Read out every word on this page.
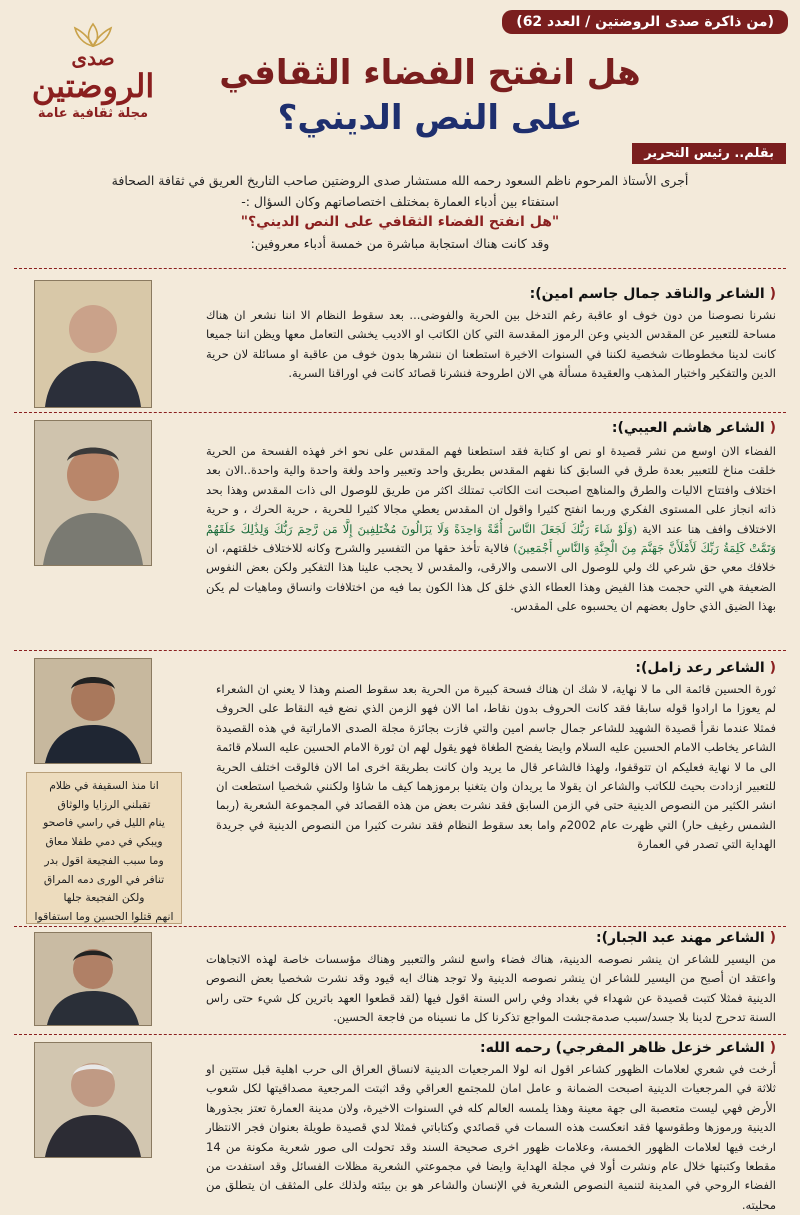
(من ذاكرة صدى الروضتين / العدد 62)
صدى
الروضتين
مجلة ثقافية عامة
هل انفتح الفضاء الثقافي
على النص الديني؟
بقلم.. رئيس التحرير

أجرى الأستاذ المرحوم ناظم السعود رحمه الله مستشار صدى الروضتين صاحب التاريخ العريق في ثقافة الصحافة

استفتاء بين أدباء العمارة بمختلف اختصاصاتهم وكان السؤال :-

"هل انفتح الفضاء الثقافي على النص الديني؟"

وقد كانت هناك استجابة مباشرة من خمسة أدباء معروفين:

( الشاعر والناقد جمال جاسم امين):
نشرنا نصوصنا من دون خوف او عاقبة رغم التدخل بين الحرية والفوضى... بعد سقوط النظام الا اننا نشعر ان هناك مساحة للتعبير عن المقدس الديني وعن الرموز المقدسة التي كان الكاتب او الاديب يخشى التعامل معها ويظن اننا جميعا كانت لدينا مخطوطات شخصية لكننا في السنوات الاخيرة استطعنا ان ننشرها بدون خوف من عاقبة او مسائلة لان حرية الدين والتفكير واختبار المذهب والعقيدة مسألة هي الان اطروحة فنشرنا قصائد كانت في اوراقنا السرية.
( الشاعر هاشم العيبي):
الفضاء الان اوسع من نشر قصيدة او نص او كتابة فقد استطعنا فهم المقدس على نحو اخر فهذه الفسحة من الحرية خلقت مناخ للتعبير بعدة طرق في السابق كنا نفهم المقدس بطريق واحد وتعبير واحد ولغة واحدة والية واحدة..الان بعد اختلاف وافتتاح الاليات والطرق والمناهج اصبحت انت الكاتب تمتلك اكثر من طريق للوصول الى ذات المقدس وهذا بحد ذاته انجاز على المستوى الفكري وربما انفتح كثيرا واقول ان المقدس يعطي مجالا كثيرا للحرية ، حرية الحرك ، و حرية الاختلاف وافف هنا عند الاية (وَلَوْ شَاءَ رَبُّكَ لَجَعَلَ النَّاسَ أُمَّةً وَاحِدَةً وَلَا يَزَالُونَ مُخْتَلِفِينَ إِلَّا مَن رَّحِمَ رَبُّكَ وَلِذَٰلِكَ خَلَقَهُمْ وَتَمَّتْ كَلِمَةُ رَبِّكَ لَأَمْلَأَنَّ جَهَنَّمَ مِنَ الْجِنَّةِ وَالنَّاسِ أَجْمَعِينَ) فالاية تأخذ حقها من التفسير والشرح وكانه للاختلاف خلقتهم، ان خلافك معي حق شرعي لك ولي للوصول الى الاسمى والارقى، والمقدس لا يحجب علينا هذا التفكير ولكن بعض النفوس الضعيفة هي التي حجمت هذا الفيض وهذا العطاء الذي خلق كل هذا الكون بما فيه من اختلافات وانساق وماهيات لم يكن بهذا الضيق الذي حاول بعضهم ان يحسبوه على المقدس.
( الشاعر رعد زامل):
ثورة الحسين قائمة الى ما لا نهاية، لا شك ان هناك فسحة كبيرة من الحرية بعد سقوط الصنم وهذا لا يعني ان الشعراء لم يعوزا ما ارادوا قوله سابقا فقد كانت الحروف بدون نقاط، اما الان فهو الزمن الذي نضع فيه النقاط على الحروف فمثلا عندما نقرأ قصيدة الشهيد للشاعر جمال جاسم امين والتي فازت بجائزة مجلة الصدى الاماراتية في هذه القصيدة الشاعر يخاطب الامام الحسين عليه السلام وايضا يفضح الطغاة فهو يقول لهم ان ثورة الامام الحسين عليه السلام قائمة الى ما لا نهاية فعليكم ان تتوقفوا، ولهذا فالشاعر قال ما يريد وان كانت بطريقة اخرى اما الان فالوقت اختلف الحرية للتعبير ازدادت بحيث للكاتب والشاعر ان يقولا ما يريدان وان يتغنيا برموزهما كيف ما شاؤا ولكنني شخصيا استطعت ان انشر الكثير من النصوص الدينية حتى في الزمن السابق فقد نشرت بعض من هذه القصائد في المجموعة الشعرية (ربما الشمس رغيف حار) التي ظهرت عام 2002م واما بعد سقوط النظام فقد نشرت كثيرا من النصوص الدينية في جريدة الهداية التي تصدر في العمارة
انا منذ السقيفة في ظلام
تقبلني الرزايا والوثاق
ينام الليل في راسي فاصحو
ويبكي في دمي طفلا معاق
وما سبب الفجيعة اقول بدر
تنافر في الورى دمه المراق
ولكن الفجيعة جلها
انهم قتلوا الحسين وما استفاقوا
( الشاعر مهند عبد الجبار):
من اليسير للشاعر ان ينشر نصوصه الدينية، هناك فضاء واسع لنشر والتعبير وهناك مؤسسات خاصة لهذه الاتجاهات واعتقد ان أصبح من اليسير للشاعر ان ينشر نصوصه الدينية ولا توجد هناك ايه قيود وقد نشرت شخصيا بعض النصوص الدينية فمثلا كتبت قصيدة عن شهداء في بغداد وفي راس السنة اقول فيها (لقد قطعوا العهد باترين كل شيء حتى راس السنة تدحرج لدينا بلا جسد/سبب صدمةجشت المواجع تذكرنا كل ما نسيناه من فاجعة الحسين.
( الشاعر خزعل ظاهر المفرجي) رحمه الله:
أرخت في شعري لعلامات الظهور كشاعر اقول انه لولا المرجعيات الدينية لانساق العراق الى حرب اهلية قبل ستتين او ثلاثة في المرجعيات الدينية اصبحت الضمانة و عامل امان للمجتمع العراقي وقد اثبتت المرجعية مصداقيتها لكل شعوب الأرض فهي ليست متعصبة الى جهة معينة وهذا يلمسه العالم كله في السنوات الاخيرة، ولان مدينة العمارة تعتز بجذورها الدينية ورموزها وطقوسها فقد انعكست هذه السمات في قصائدي وكتاباتي فمثلا لدي قصيدة طويلة بعنوان فجر الانتظار ارخت فيها لعلامات الظهور الخمسة، وعلامات ظهور اخرى صحيحة السند وقد تحولت الى صور شعرية مكونة من 14 مقطعا وكتبتها خلال عام ونشرت أولا في مجلة الهداية وايضا في مجموعتي الشعرية مظلات الفسائل وقد استفدت من الفضاء الروحي في المدينة لتنمية النصوص الشعرية في الإنسان والشاعر هو بن بيئته ولذلك على المثقف ان يتطلق من محليته.
